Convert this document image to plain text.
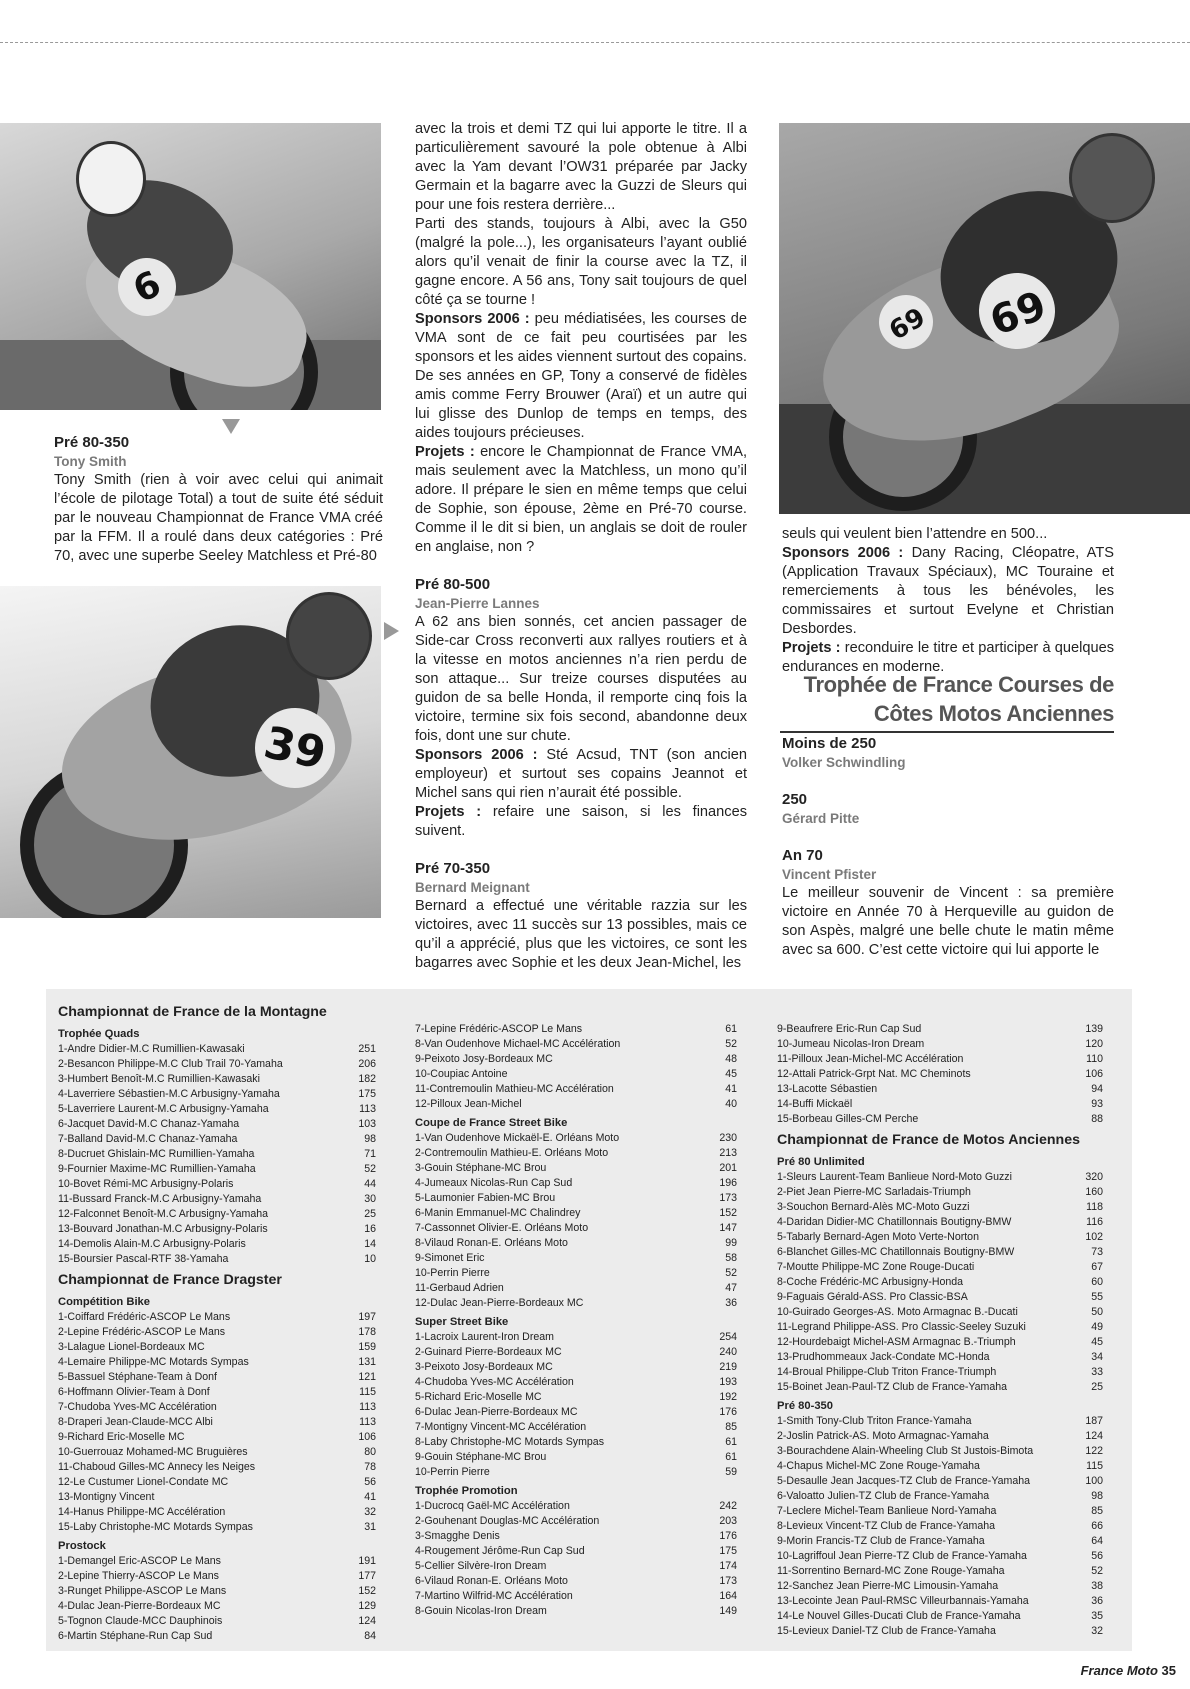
6
39
69
69

Pré 80-350

Tony Smith

Tony Smith (rien à voir avec celui qui animait l’école de pilotage Total) a tout de suite été séduit par le nouveau Championnat de France VMA créé par la FFM. Il a roulé dans deux catégories : Pré 70, avec une superbe Seeley Matchless et Pré-80

avec la trois et demi TZ qui lui apporte le titre. Il a particulièrement savouré la pole obtenue à Albi avec la Yam devant l’OW31 préparée par Jacky Germain et la bagarre avec la Guzzi de Sleurs qui pour une fois restera derrière...

Parti des stands, toujours à Albi, avec la G50 (malgré la pole...), les organisateurs l’ayant oublié alors qu’il venait de finir la course avec la TZ, il gagne encore. A 56 ans, Tony sait toujours de quel côté ça se tourne !

Sponsors 2006 : peu médiatisées, les courses de VMA sont de ce fait peu courtisées par les sponsors et les aides viennent surtout des copains. De ses années en GP, Tony a conservé de fidèles amis comme Ferry Brouwer (Araï) et un autre qui lui glisse des Dunlop de temps en temps, des aides toujours précieuses.

Projets : encore le Championnat de France VMA, mais seulement avec la Matchless, un mono qu’il adore. Il prépare le sien en même temps que celui de Sophie, son épouse, 2ème en Pré-70 course. Comme il le dit si bien, un anglais se doit de rouler en anglaise, non ?

Pré 80-500

Jean-Pierre Lannes

A 62 ans bien sonnés, cet ancien passager de Side-car Cross reconverti aux rallyes routiers et à la vitesse en motos anciennes n’a rien perdu de son attaque... Sur treize courses disputées au guidon de sa belle Honda, il remporte cinq fois la victoire, termine six fois second, abandonne deux fois, dont une sur chute.

Sponsors 2006 : Sté Acsud, TNT (son ancien employeur) et surtout ses copains Jeannot et Michel sans qui rien n’aurait été possible.

Projets : refaire une saison, si les finances suivent.

Pré 70-350

Bernard Meignant

Bernard a effectué une véritable razzia sur les victoires, avec 11 succès sur 13 possibles, mais ce qu’il a apprécié, plus que les victoires, ce sont les bagarres avec Sophie et les deux Jean-Michel, les

seuls qui veulent bien l’attendre en 500...

Sponsors 2006 : Dany Racing, Cléopatre, ATS (Application Travaux Spéciaux), MC Touraine et remerciements à tous les bénévoles, les commissaires et surtout Evelyne et Christian Desbordes.

Projets : reconduire le titre et participer à quelques endurances en moderne.

Trophée de France Courses de
Côtes Motos Anciennes

Moins de 250

Volker Schwindling

250

Gérard Pitte

An 70

Vincent Pfister

Le meilleur souvenir de Vincent : sa première victoire en Année 70 à Herqueville au guidon de son Aspès, malgré une belle chute le matin même avec sa 600. C’est cette victoire qui lui apporte le

Championnat de France de la Montagne
Trophée Quads
1-Andre Didier-M.C Rumillien-Kawasaki	251
2-Besancon Philippe-M.C Club Trail 70-Yamaha	206
3-Humbert Benoît-M.C Rumillien-Kawasaki	182
4-Laverriere Sébastien-M.C Arbusigny-Yamaha	175
5-Laverriere Laurent-M.C Arbusigny-Yamaha	113
6-Jacquet David-M.C Chanaz-Yamaha	103
7-Balland David-M.C Chanaz-Yamaha	98
8-Ducruet Ghislain-MC Rumillien-Yamaha	71
9-Fournier Maxime-MC Rumillien-Yamaha	52
10-Bovet Rémi-MC Arbusigny-Polaris	44
11-Bussard Franck-M.C Arbusigny-Yamaha	30
12-Falconnet Benoît-M.C Arbusigny-Yamaha	25
13-Bouvard Jonathan-M.C Arbusigny-Polaris	16
14-Demolis Alain-M.C Arbusigny-Polaris	14
15-Boursier Pascal-RTF 38-Yamaha	10
Championnat de France Dragster
Compétition Bike
1-Coiffard Frédéric-ASCOP Le Mans	197
2-Lepine Frédéric-ASCOP Le Mans	178
3-Lalague Lionel-Bordeaux MC	159
4-Lemaire Philippe-MC Motards Sympas	131
5-Bassuel Stéphane-Team à Donf	121
6-Hoffmann Olivier-Team à Donf	115
7-Chudoba Yves-MC Accélération	113
8-Draperi Jean-Claude-MCC Albi	113
9-Richard Eric-Moselle MC	106
10-Guerrouaz Mohamed-MC Bruguières	80
11-Chaboud Gilles-MC Annecy les Neiges	78
12-Le Custumer Lionel-Condate MC	56
13-Montigny Vincent	41
14-Hanus Philippe-MC Accélération	32
15-Laby Christophe-MC Motards Sympas	31
Prostock
1-Demangel Eric-ASCOP Le Mans	191
2-Lepine Thierry-ASCOP Le Mans	177
3-Runget Philippe-ASCOP Le Mans	152
4-Dulac Jean-Pierre-Bordeaux MC	129
5-Tognon Claude-MCC Dauphinois	124
6-Martin Stéphane-Run Cap Sud	84
7-Lepine Frédéric-ASCOP Le Mans	61
8-Van Oudenhove Michael-MC Accélération	52
9-Peixoto Josy-Bordeaux MC	48
10-Coupiac Antoine	45
11-Contremoulin Mathieu-MC Accélération	41
12-Pilloux Jean-Michel	40
Coupe de France Street Bike
1-Van Oudenhove Mickaël-E. Orléans Moto	230
2-Contremoulin Mathieu-E. Orléans Moto	213
3-Gouin Stéphane-MC Brou	201
4-Jumeaux Nicolas-Run Cap Sud	196
5-Laumonier Fabien-MC Brou	173
6-Manin Emmanuel-MC Chalindrey	152
7-Cassonnet Olivier-E. Orléans Moto	147
8-Vilaud Ronan-E. Orléans Moto	99
9-Simonet Eric	58
10-Perrin Pierre	52
11-Gerbaud Adrien	47
12-Dulac Jean-Pierre-Bordeaux MC	36
Super Street Bike
1-Lacroix Laurent-Iron Dream	254
2-Guinard Pierre-Bordeaux MC	240
3-Peixoto Josy-Bordeaux MC	219
4-Chudoba Yves-MC Accélération	193
5-Richard Eric-Moselle MC	192
6-Dulac Jean-Pierre-Bordeaux MC	176
7-Montigny Vincent-MC Accélération	85
8-Laby Christophe-MC Motards Sympas	61
9-Gouin Stéphane-MC Brou	61
10-Perrin Pierre	59
Trophée Promotion
1-Ducrocq Gaël-MC Accélération	242
2-Gouhenant Douglas-MC Accélération	203
3-Smagghe Denis	176
4-Rougement Jérôme-Run Cap Sud	175
5-Cellier Silvère-Iron Dream	174
6-Vilaud Ronan-E. Orléans Moto	173
7-Martino Wilfrid-MC Accélération	164
8-Gouin Nicolas-Iron Dream	149
9-Beaufrere Eric-Run Cap Sud	139
10-Jumeau Nicolas-Iron Dream	120
11-Pilloux Jean-Michel-MC Accélération	110
12-Attali Patrick-Grpt Nat. MC Cheminots	106
13-Lacotte Sébastien	94
14-Buffi Mickaël	93
15-Borbeau Gilles-CM Perche	88
Championnat de France de Motos Anciennes
Pré 80 Unlimited
1-Sleurs Laurent-Team Banlieue Nord-Moto Guzzi	320
2-Piet Jean Pierre-MC Sarladais-Triumph	160
3-Souchon Bernard-Alès MC-Moto Guzzi	118
4-Daridan Didier-MC Chatillonnais Boutigny-BMW	116
5-Tabarly Bernard-Agen Moto Verte-Norton	102
6-Blanchet Gilles-MC Chatillonnais Boutigny-BMW	73
7-Moutte Philippe-MC Zone Rouge-Ducati	67
8-Coche Frédéric-MC Arbusigny-Honda	60
9-Faguais Gérald-ASS. Pro Classic-BSA	55
10-Guirado Georges-AS. Moto Armagnac B.-Ducati	50
11-Legrand Philippe-ASS. Pro Classic-Seeley Suzuki	49
12-Hourdebaigt Michel-ASM Armagnac B.-Triumph	45
13-Prudhommeaux Jack-Condate MC-Honda	34
14-Broual Philippe-Club Triton France-Triumph	33
15-Boinet Jean-Paul-TZ Club de France-Yamaha	25
Pré 80-350
1-Smith Tony-Club Triton France-Yamaha	187
2-Joslin Patrick-AS. Moto Armagnac-Yamaha	124
3-Bourachdene Alain-Wheeling Club St Justois-Bimota	122
4-Chapus Michel-MC Zone Rouge-Yamaha	115
5-Desaulle Jean Jacques-TZ Club de France-Yamaha	100
6-Valoatto Julien-TZ Club de France-Yamaha	98
7-Leclere Michel-Team Banlieue Nord-Yamaha	85
8-Levieux Vincent-TZ Club de France-Yamaha	66
9-Morin Francis-TZ Club de France-Yamaha	64
10-Lagriffoul Jean Pierre-TZ Club de France-Yamaha	56
11-Sorrentino Bernard-MC Zone Rouge-Yamaha	52
12-Sanchez Jean Pierre-MC Limousin-Yamaha	38
13-Lecointe Jean Paul-RMSC Villeurbannais-Yamaha	36
14-Le Nouvel Gilles-Ducati Club de France-Yamaha	35
15-Levieux Daniel-TZ Club de France-Yamaha	32
France Moto 35
